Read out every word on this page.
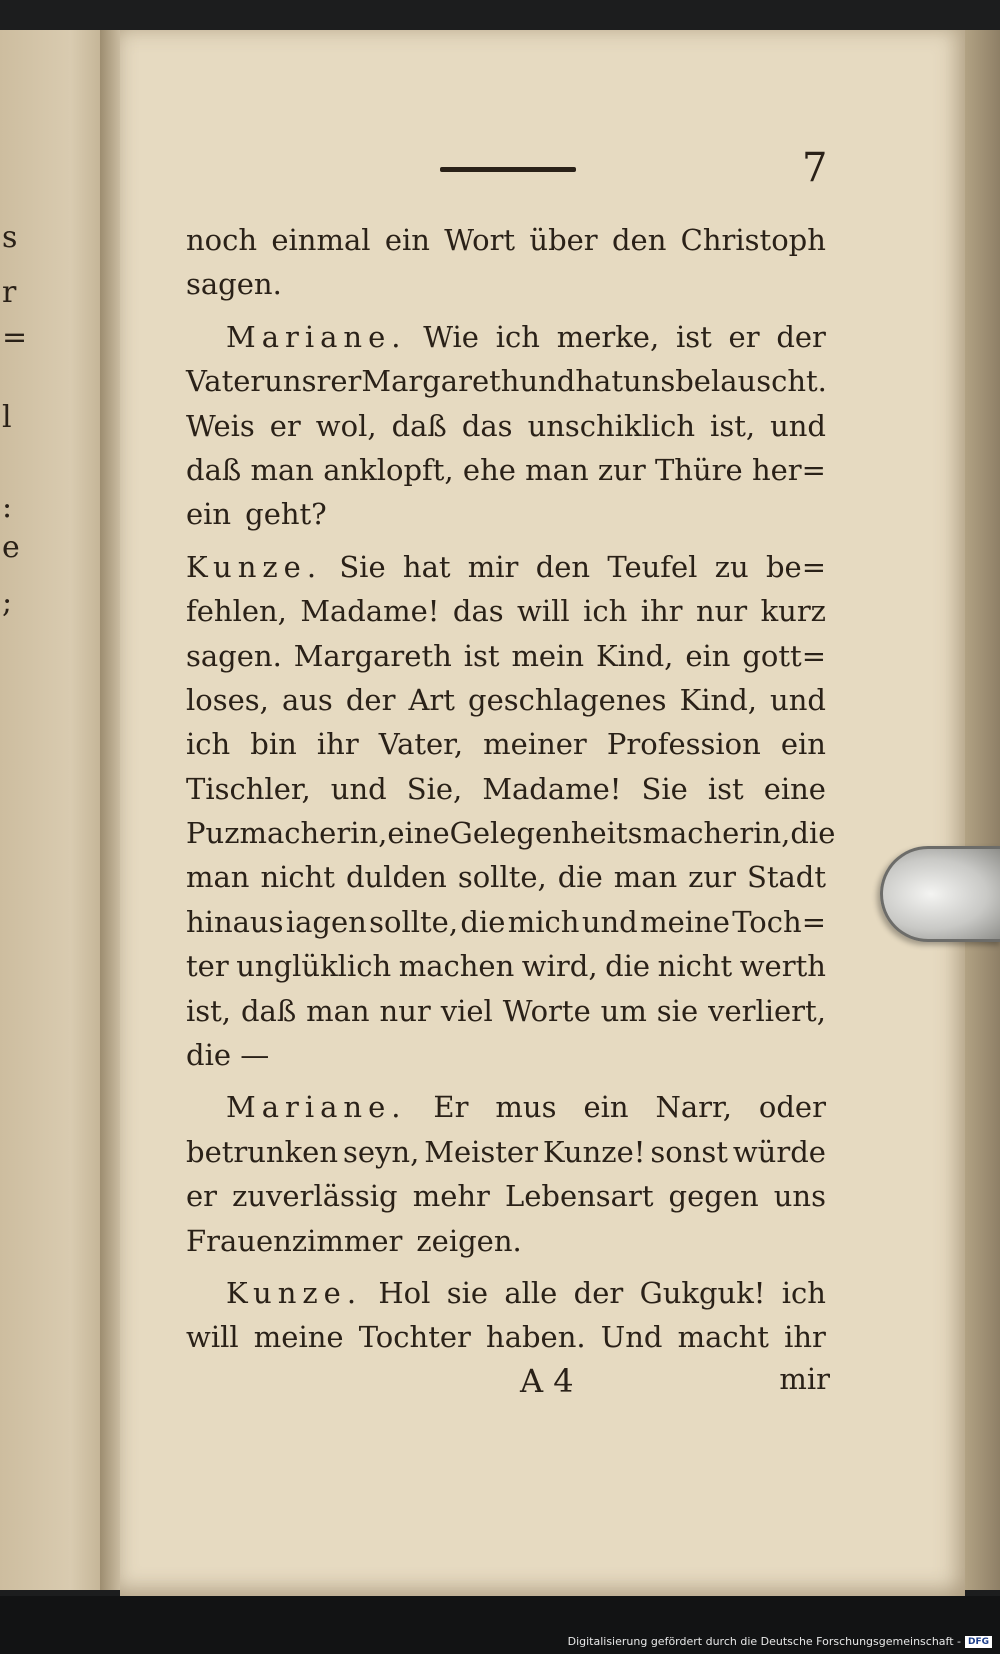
s
r
=
l
:
e
;
7
noch einmal ein Wort über den Christoph
sagen.
Mariane. Wie ich merke, ist er der
Vater unsrer Margareth und hat uns belauscht.
Weis er wol, daß das unschiklich ist, und
daß man anklopft, ehe man zur Thüre her=
ein geht?
Kunze. Sie hat mir den Teufel zu be=
fehlen, Madame! das will ich ihr nur kurz
sagen. Margareth ist mein Kind, ein gott=
loses, aus der Art geschlagenes Kind, und
ich bin ihr Vater, meiner Profession ein
Tischler, und Sie, Madame! Sie ist eine
Puzmacherin, eine Gelegenheitsmacherin, die
man nicht dulden sollte, die man zur Stadt
hinaus iagen sollte, die mich und meine Toch=
ter unglüklich machen wird, die nicht werth
ist, daß man nur viel Worte um sie verliert,
die —
Mariane. Er mus ein Narr, oder
betrunken seyn, Meister Kunze! sonst würde
er zuverlässig mehr Lebensart gegen uns
Frauenzimmer zeigen.
Kunze. Hol sie alle der Gukguk! ich
will meine Tochter haben. Und macht ihr
A 4	mir
Digitalisierung gefördert durch die Deutsche Forschungsgemeinschaft - DFG
